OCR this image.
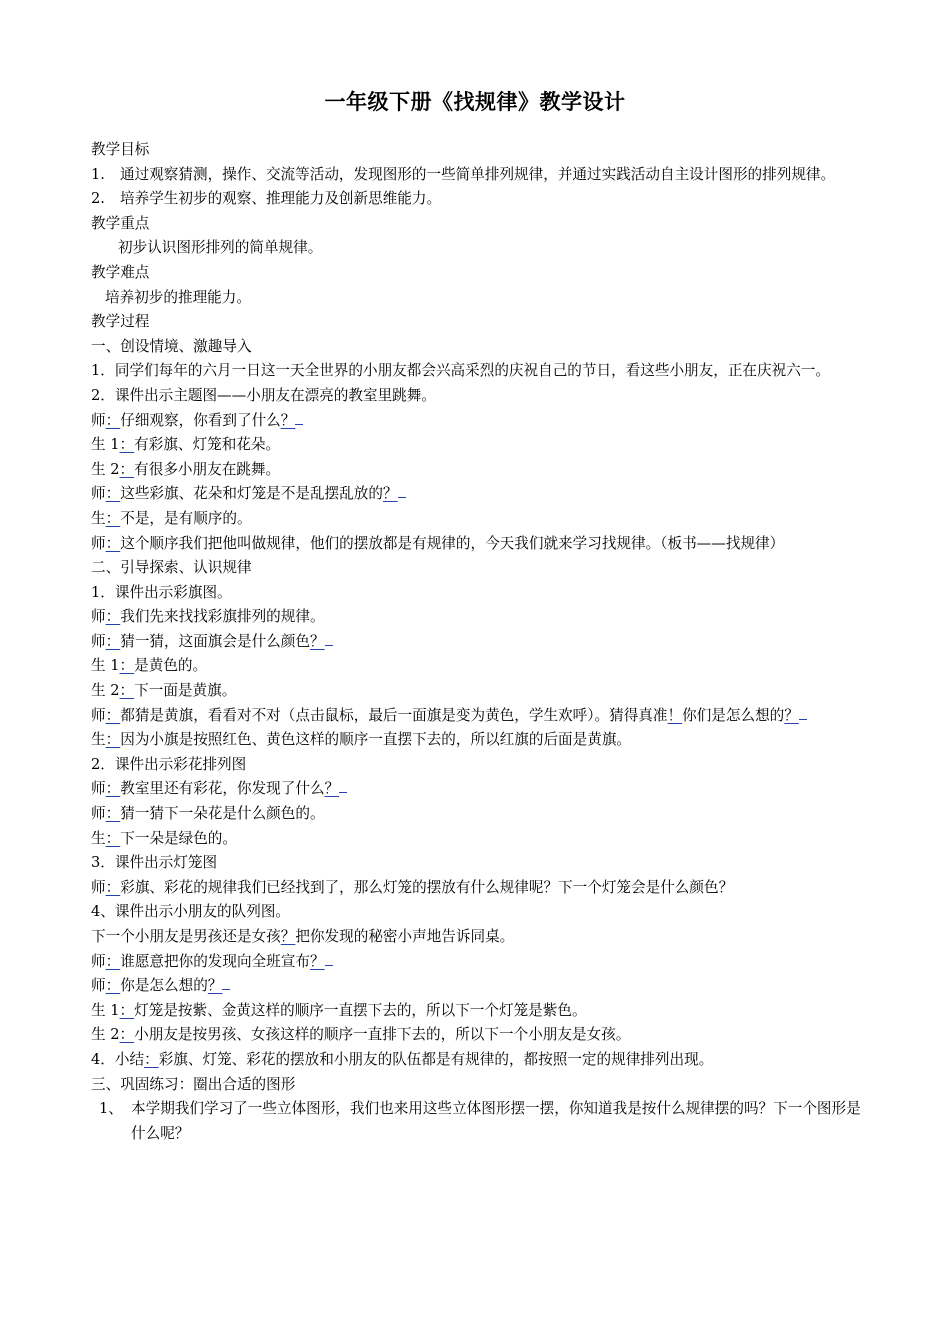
一年级下册《找规律》教学设计

教学目标

1.	通过观察猜测，操作、交流等活动，发现图形的一些简单排列规律，并通过实践活动自主设计图形的排列规律。
2.	培养学生初步的观察、推理能力及创新思维能力。

教学重点

初步认识图形排列的简单规律。

教学难点

培养初步的推理能力。

教学过程

一、创设情境、激趣导入

1．同学们每年的六月一日这一天全世界的小朋友都会兴高采烈的庆祝自己的节日，看这些小朋友，正在庆祝六一。

2．课件出示主题图——小朋友在漂亮的教室里跳舞。

师：仔细观察，你看到了什么？

生 1：有彩旗、灯笼和花朵。

生 2：有很多小朋友在跳舞。

师：这些彩旗、花朵和灯笼是不是乱摆乱放的？

生：不是，是有顺序的。

师：这个顺序我们把他叫做规律，他们的摆放都是有规律的，今天我们就来学习找规律。（板书——找规律）

二、引导探索、认识规律

1．课件出示彩旗图。

师：我们先来找找彩旗排列的规律。

师：猜一猜，这面旗会是什么颜色？

生 1：是黄色的。

生 2：下一面是黄旗。

师：都猜是黄旗，看看对不对（点击鼠标，最后一面旗是变为黄色，学生欢呼）。猜得真准！你们是怎么想的？

生：因为小旗是按照红色、黄色这样的顺序一直摆下去的，所以红旗的后面是黄旗。

2．课件出示彩花排列图

师：教室里还有彩花，你发现了什么？

师：猜一猜下一朵花是什么颜色的。

生：下一朵是绿色的。

3．课件出示灯笼图

师：彩旗、彩花的规律我们已经找到了，那么灯笼的摆放有什么规律呢？下一个灯笼会是什么颜色？

4、课件出示小朋友的队列图。

下一个小朋友是男孩还是女孩？把你发现的秘密小声地告诉同桌。

师：谁愿意把你的发现向全班宣布？

师：你是怎么想的？

生 1：灯笼是按紫、金黄这样的顺序一直摆下去的，所以下一个灯笼是紫色。

生 2：小朋友是按男孩、女孩这样的顺序一直排下去的，所以下一个小朋友是女孩。

4．小结：彩旗、灯笼、彩花的摆放和小朋友的队伍都是有规律的，都按照一定的规律排列出现。

三、巩固练习：圈出合适的图形

1、 本学期我们学习了一些立体图形，我们也来用这些立体图形摆一摆，你知道我是按什么规律摆的吗？下一个图形是什么呢？
